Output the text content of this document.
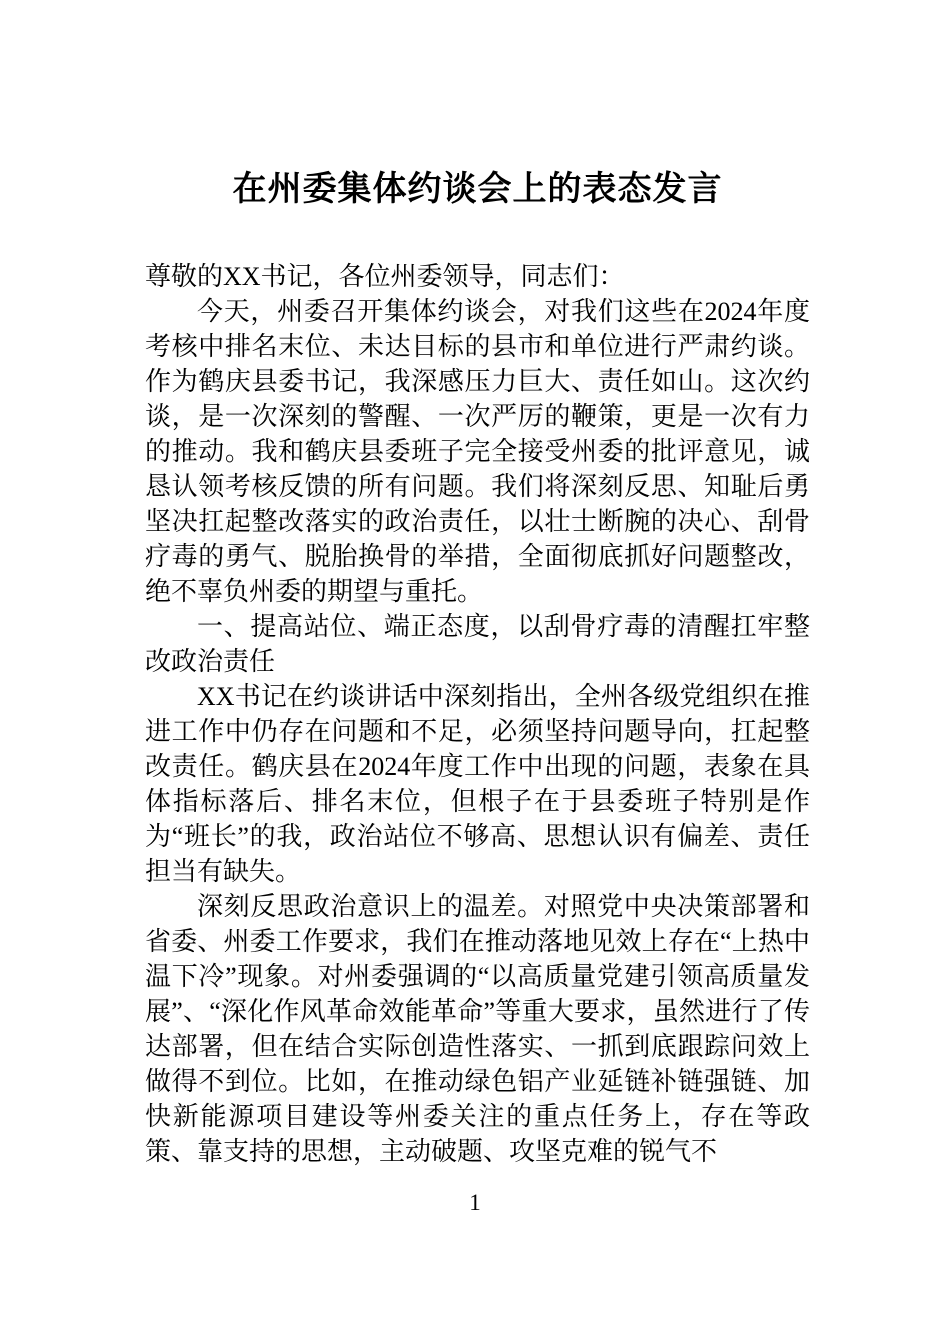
在州委集体约谈会上的表态发言

尊敬的XX书记，各位州委领导，同志们：

今天，州委召开集体约谈会，对我们这些在2024年度考核中排名末位、未达目标的县市和单位进行严肃约谈。作为鹤庆县委书记，我深感压力巨大、责任如山。这次约谈，是一次深刻的警醒、一次严厉的鞭策，更是一次有力的推动。我和鹤庆县委班子完全接受州委的批评意见，诚恳认领考核反馈的所有问题。我们将深刻反思、知耻后勇坚决扛起整改落实的政治责任，以壮士断腕的决心、刮骨疗毒的勇气、脱胎换骨的举措，全面彻底抓好问题整改，绝不辜负州委的期望与重托。

一、提高站位、端正态度，以刮骨疗毒的清醒扛牢整改政治责任

XX书记在约谈讲话中深刻指出，全州各级党组织在推进工作中仍存在问题和不足，必须坚持问题导向，扛起整改责任。鹤庆县在2024年度工作中出现的问题，表象在具体指标落后、排名末位，但根子在于县委班子特别是作为“班长”的我，政治站位不够高、思想认识有偏差、责任担当有缺失。

深刻反思政治意识上的温差。对照党中央决策部署和省委、州委工作要求，我们在推动落地见效上存在“上热中温下冷”现象。对州委强调的“以高质量党建引领高质量发展”、“深化作风革命效能革命”等重大要求，虽然进行了传达部署，但在结合实际创造性落实、一抓到底跟踪问效上做得不到位。比如，在推动绿色铝产业延链补链强链、加快新能源项目建设等州委关注的重点任务上，存在等政策、靠支持的思想，主动破题、攻坚克难的锐气不

1
